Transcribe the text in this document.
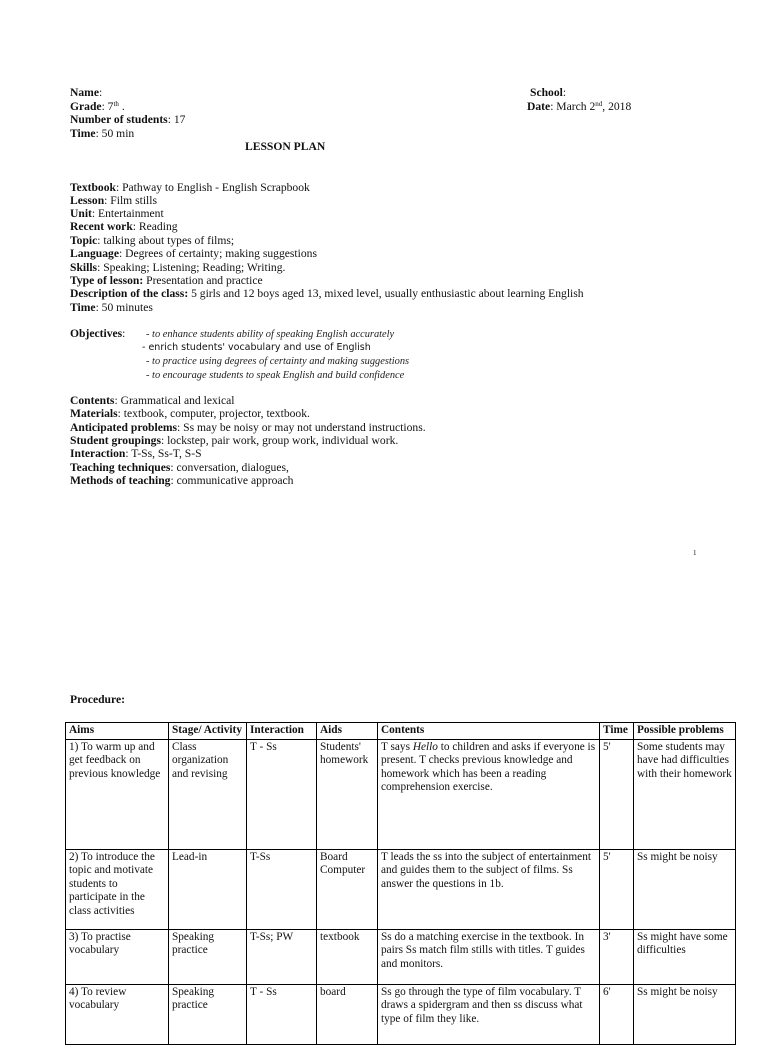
Name:	School:
Grade: 7th .	Date: March 2nd, 2018
Number of students: 17
Time: 50 min
LESSON PLAN
Textbook: Pathway to English - English Scrapbook
Lesson: Film stills
Unit: Entertainment
Recent work: Reading
Topic: talking about types of films;
Language: Degrees of certainty; making suggestions
Skills: Speaking; Listening; Reading; Writing.
Type of lesson: Presentation and practice
Description of the class: 5 girls and 12 boys aged 13, mixed level, usually enthusiastic about learning English
Time: 50 minutes
Objectives: - to enhance students ability of speaking English accurately
- enrich students' vocabulary and use of English
- to practice using degrees of certainty and making suggestions
- to encourage students to speak English and build confidence
Contents: Grammatical and lexical
Materials: textbook, computer, projector, textbook.
Anticipated problems: Ss may be noisy or may not understand instructions.
Student groupings: lockstep, pair work, group work, individual work.
Interaction: T-Ss, Ss-T, S-S
Teaching techniques: conversation, dialogues,
Methods of teaching: communicative approach
1
Procedure:
Aims	Stage/ Activity	Interaction	Aids	Contents	Time	Possible problems
1) To warm up and get feedback on previous knowledge	Class organization and revising	T - Ss	Students' homework	T says Hello to children and asks if everyone is present. T checks previous knowledge and homework which has been a reading comprehension exercise.	5'	Some students may have had difficulties with their homework
2) To introduce the topic and motivate students to participate in the class activities	Lead-in	T-Ss	Board Computer	T leads the ss into the subject of entertainment and guides them to the subject of films. Ss answer the questions in 1b.	5'	Ss might be noisy
3) To practise vocabulary	Speaking practice	T-Ss; PW	textbook	Ss do a matching exercise in the textbook. In pairs Ss match film stills with titles. T guides and monitors.	3'	Ss might have some difficulties
4) To review vocabulary	Speaking practice	T - Ss	board	Ss go through the type of film vocabulary. T draws a spidergram and then ss discuss what type of film they like.	6'	Ss might be noisy
